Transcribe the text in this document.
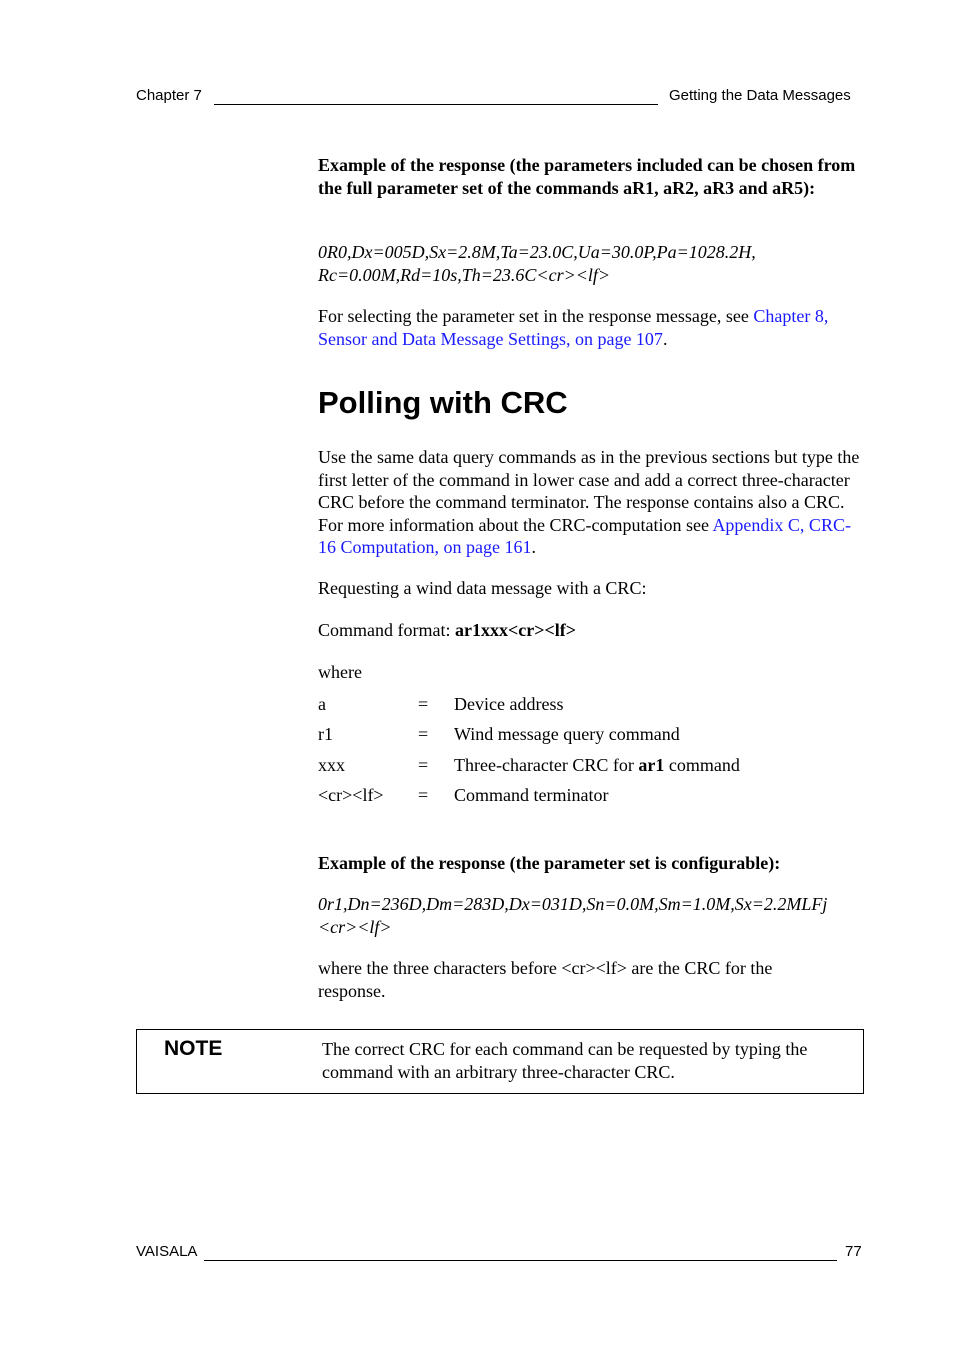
Chapter 7	Getting the Data Messages
Example of the response (the parameters included can be chosen from the full parameter set of the commands aR1, aR2, aR3 and aR5):
0R0,Dx=005D,Sx=2.8M,Ta=23.0C,Ua=30.0P,Pa=1028.2H,
Rc=0.00M,Rd=10s,Th=23.6C<cr><lf>
For selecting the parameter set in the response message, see Chapter 8, Sensor and Data Message Settings, on page 107.
Polling with CRC
Use the same data query commands as in the previous sections but type the first letter of the command in lower case and add a correct three-character CRC before the command terminator. The response contains also a CRC. For more information about the CRC-computation see Appendix C, CRC-16 Computation, on page 161.
Requesting a wind data message with a CRC:
Command format: ar1xxx<cr><lf>
where
a	= Device address
r1	= Wind message query command
xxx	= Three-character CRC for ar1 command
<cr><lf> = Command terminator
Example of the response (the parameter set is configurable):
0r1,Dn=236D,Dm=283D,Dx=031D,Sn=0.0M,Sm=1.0M,Sx=2.2MLFj
<cr><lf>
where the three characters before <cr><lf> are the CRC for the response.
NOTE	The correct CRC for each command can be requested by typing the command with an arbitrary three-character CRC.
VAISALA	77
